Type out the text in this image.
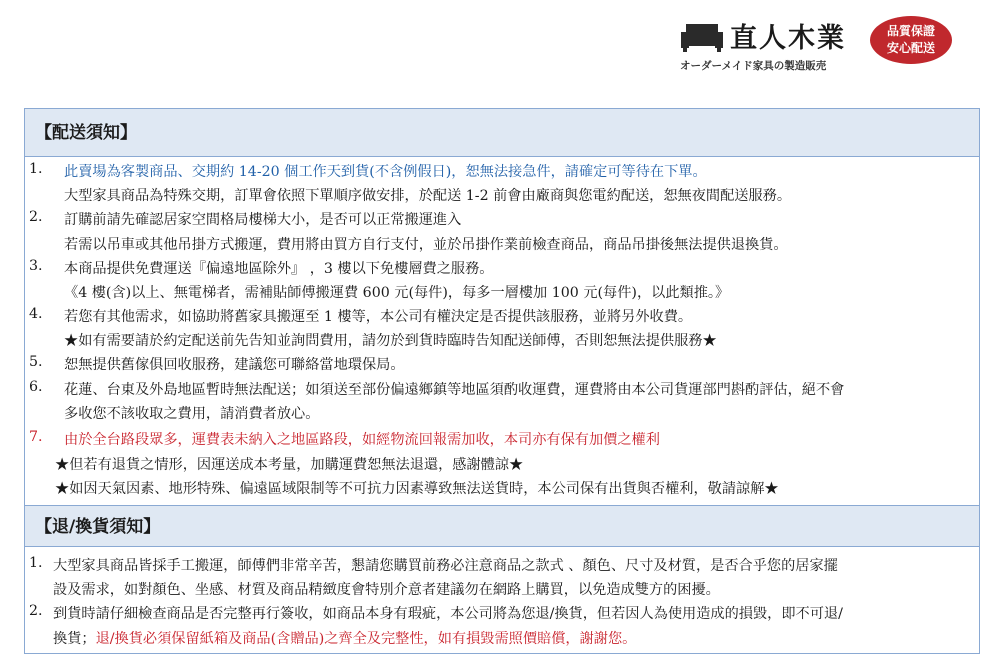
直人木業
オーダーメイド家具の製造販売
品質保證
安心配送
【配送須知】
1. 此賣場為客製商品、交期約 14-20 個工作天到貨(不含例假日)，恕無法接急件，請確定可等待在下單。
大型家具商品為特殊交期，訂單會依照下單順序做安排，於配送 1-2 前會由廠商與您電約配送，恕無夜間配送服務。
2. 訂購前請先確認居家空間格局樓梯大小，是否可以正常搬運進入
若需以吊車或其他吊掛方式搬運，費用將由買方自行支付，並於吊掛作業前檢查商品，商品吊掛後無法提供退換貨。
3. 本商品提供免費運送『偏遠地區除外』 ，3 樓以下免樓層費之服務。
《4 樓(含)以上、無電梯者，需補貼師傅搬運費 600 元(每件)，每多一層樓加 100 元(每件)，以此類推。》
4. 若您有其他需求，如協助將舊家具搬運至 1 樓等，本公司有權決定是否提供該服務，並將另外收費。
★如有需要請於約定配送前先告知並詢問費用，請勿於到貨時臨時告知配送師傅，否則恕無法提供服務★
5. 恕無提供舊傢俱回收服務，建議您可聯絡當地環保局。
6. 花蓮、台東及外島地區暫時無法配送；如須送至部份偏遠鄉鎮等地區須酌收運費，運費將由本公司貨運部門斟酌評估，絕不會
多收您不該收取之費用，請消費者放心。
7. 由於全台路段眾多，運費表未納入之地區路段，如經物流回報需加收，本司亦有保有加價之權利
★但若有退貨之情形，因運送成本考量，加購運費恕無法退還，感謝體諒★
★如因天氣因素、地形特殊、偏遠區域限制等不可抗力因素導致無法送貨時，本公司保有出貨與否權利，敬請諒解★
【退/換貨須知】
1. 大型家具商品皆採手工搬運，師傅們非常辛苦，懇請您購買前務必注意商品之款式 、顏色、尺寸及材質，是否合乎您的居家擺
設及需求，如對顏色、坐感、材質及商品精緻度會特別介意者建議勿在網路上購買，以免造成雙方的困擾。
2. 到貨時請仔細檢查商品是否完整再行簽收，如商品本身有瑕疵，本公司將為您退/換貨，但若因人為使用造成的損毀，即不可退/
換貨；退/換貨必須保留紙箱及商品(含贈品)之齊全及完整性，如有損毀需照價賠償，謝謝您。
